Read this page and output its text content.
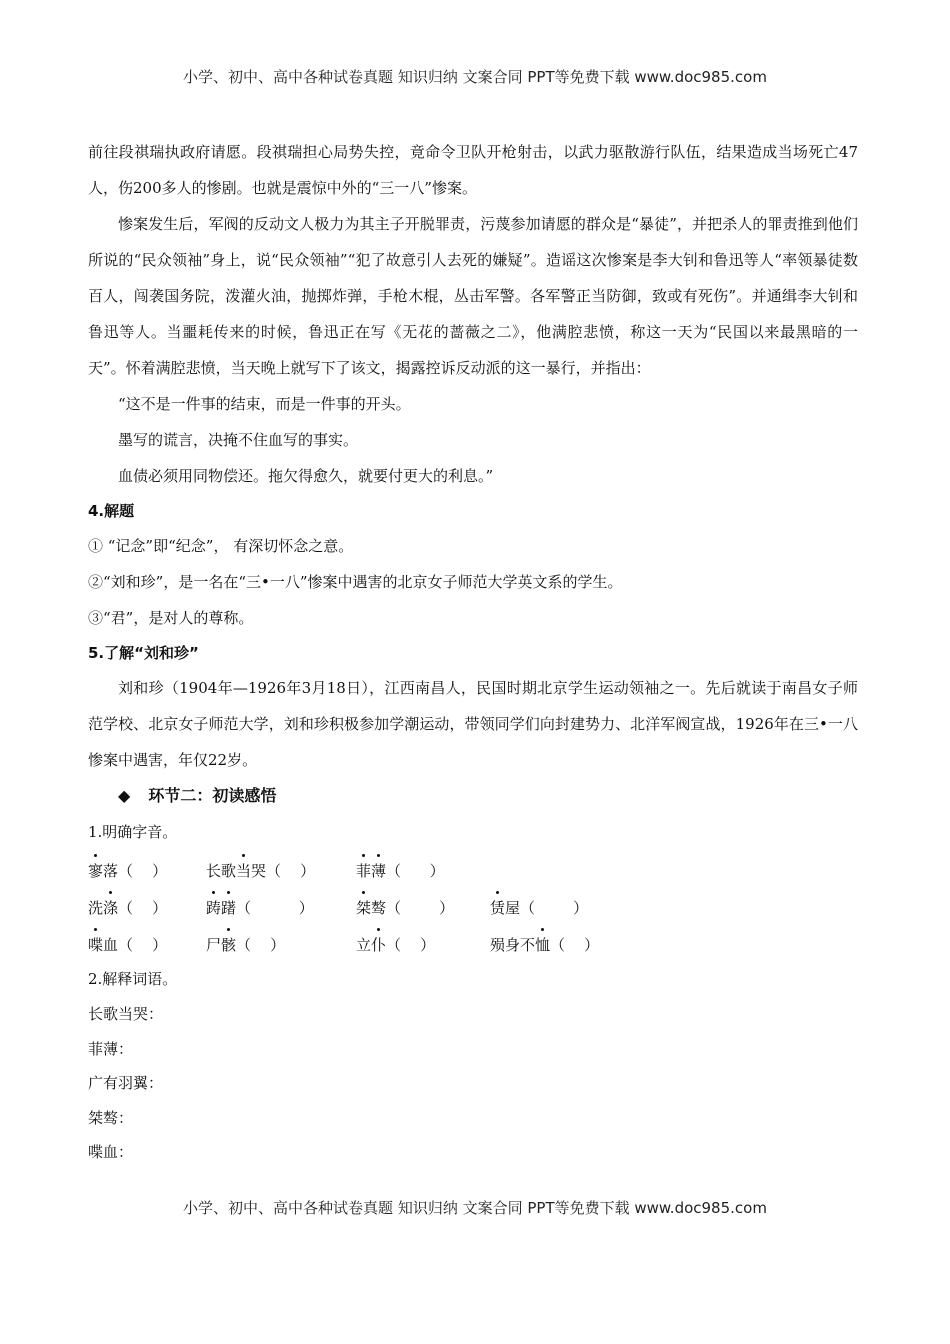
小学、初中、高中各种试卷真题 知识归纳 文案合同 PPT等免费下载 www.doc985.com

前往段祺瑞执政府请愿。段祺瑞担心局势失控，竟命令卫队开枪射击，以武力驱散游行队伍，结果造成当场死亡47人，伤200多人的惨剧。也就是震惊中外的“三一八”惨案。

惨案发生后，军阀的反动文人极力为其主子开脱罪责，污蔑参加请愿的群众是“暴徒”，并把杀人的罪责推到他们所说的“民众领袖”身上，说“民众领袖”“犯了故意引人去死的嫌疑”。造谣这次惨案是李大钊和鲁迅等人“率领暴徒数百人，闯袭国务院，泼灌火油，抛掷炸弹，手枪木棍，丛击军警。各军警正当防御，致或有死伤”。并通缉李大钊和鲁迅等人。当噩耗传来的时候，鲁迅正在写《无花的蔷薇之二》，他满腔悲愤，称这一天为“民国以来最黑暗的一天”。怀着满腔悲愤，当天晚上就写下了该文，揭露控诉反动派的这一暴行，并指出：

“这不是一件事的结束，而是一件事的开头。

墨写的谎言，决掩不住血写的事实。

血债必须用同物偿还。拖欠得愈久，就要付更大的利息。”

4.解题

① “记念”即“纪念”， 有深切怀念之意。

②“刘和珍”，是一名在“三•一八”惨案中遇害的北京女子师范大学英文系的学生。

③“君”，是对人的尊称。

5.了解“刘和珍”

刘和珍（1904年—1926年3月18日），江西南昌人，民国时期北京学生运动领袖之一。先后就读于南昌女子师范学校、北京女子师范大学，刘和珍积极参加学潮运动，带领同学们向封建势力、北洋军阀宣战，1926年在三•一八惨案中遇害，年仅22岁。

◆ 环节二：初读感悟

1.明确字音。

寥落（    ）	长歌当哭（    ）	菲薄（      ）
洗涤（    ）	踌躇（          ）	桀骜（        ） 赁屋（        ）
喋血（    ）	尸骸（    ）	立仆（    ）	殒身不恤（    ）

2.解释词语。

长歌当哭：

菲薄：

广有羽翼：

桀骜：

喋血：

小学、初中、高中各种试卷真题 知识归纳 文案合同 PPT等免费下载 www.doc985.com
